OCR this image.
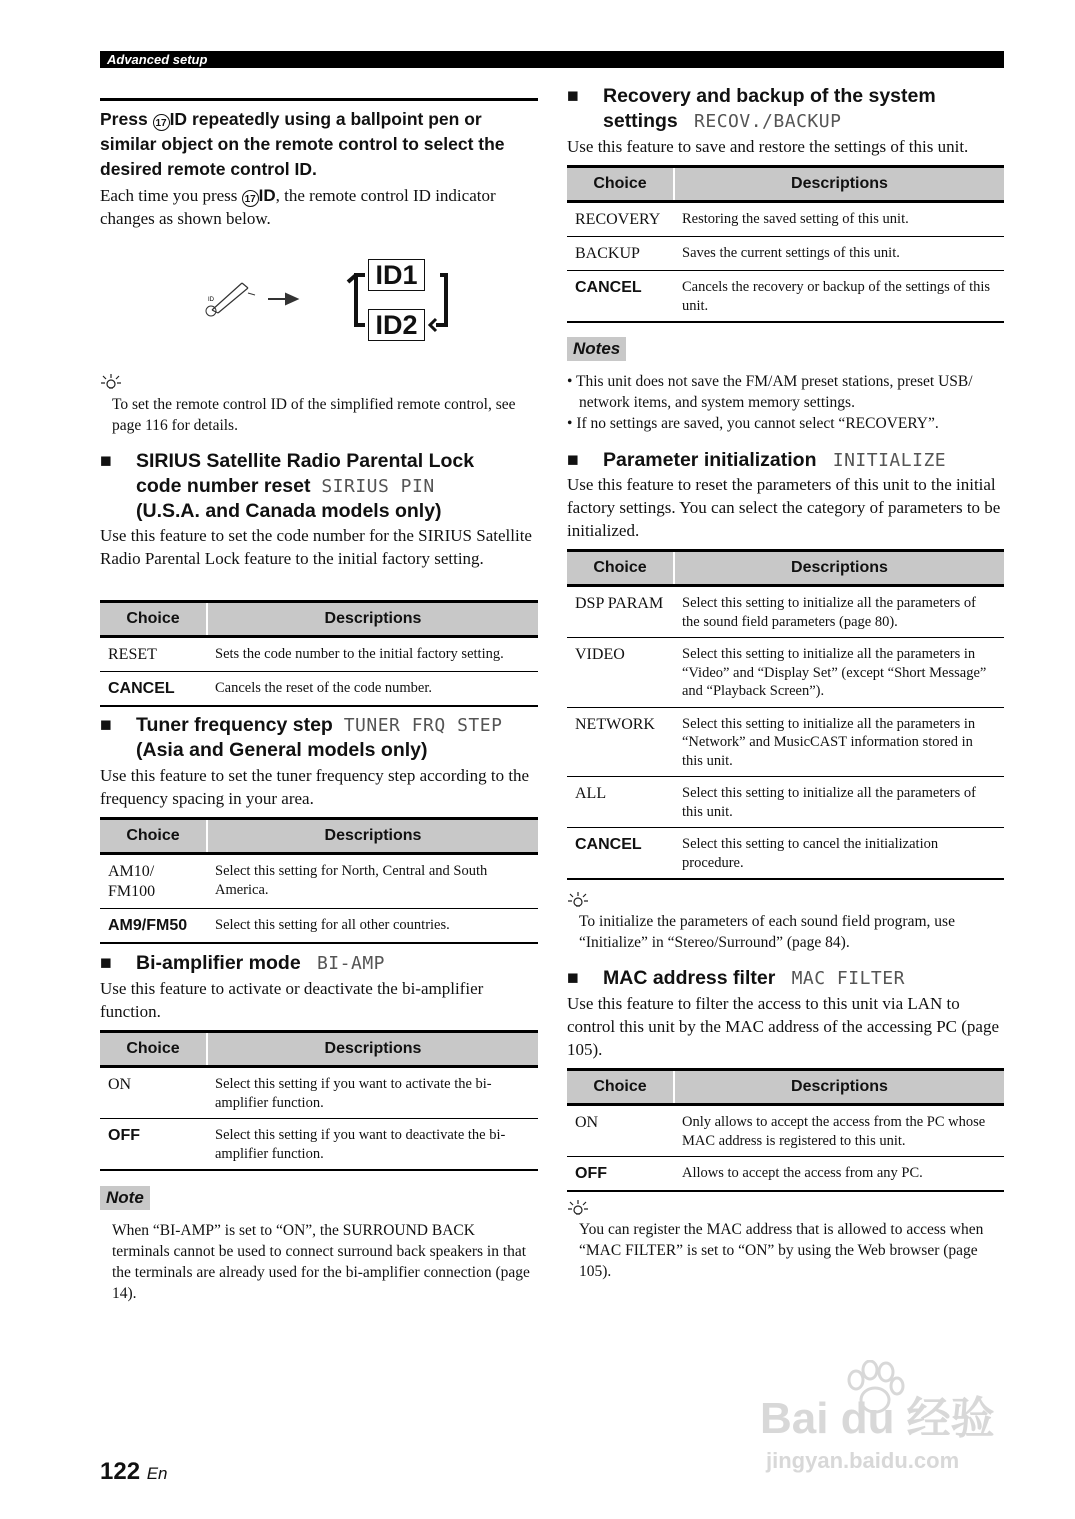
Advanced setup
Press 17 ID repeatedly using a ballpoint pen or similar object on the remote control to select the desired remote control ID.
Each time you press 17 ID, the remote control ID indicator changes as shown below.
ID
ID1
ID2
To set the remote control ID of the simplified remote control, see page 116 for details.
■ SIRIUS Satellite Radio Parental Lock
code number reset SIRIUS PIN
(U.S.A. and Canada models only)
Use this feature to set the code number for the SIRIUS Satellite Radio Parental Lock feature to the initial factory setting.
Choice	Descriptions
RESET	Sets the code number to the initial factory setting.
CANCEL	Cancels the reset of the code number.
■ Tuner frequency step TUNER FRQ STEP
(Asia and General models only)
Use this feature to set the tuner frequency step according to the frequency spacing in your area.
Choice	Descriptions
AM10/ FM100	Select this setting for North, Central and South America.
AM9/FM50	Select this setting for all other countries.
■ Bi-amplifier mode BI-AMP
Use this feature to activate or deactivate the bi-amplifier function.
Choice	Descriptions
ON	Select this setting if you want to activate the bi-amplifier function.
OFF	Select this setting if you want to deactivate the bi-amplifier function.
Note
When “BI-AMP” is set to “ON”, the SURROUND BACK terminals cannot be used to connect surround back speakers in that the terminals are already used for the bi-amplifier connection (page 14).
■ Recovery and backup of the system
settings RECOV./BACKUP
Use this feature to save and restore the settings of this unit.
Choice	Descriptions
RECOVERY	Restoring the saved setting of this unit.
BACKUP	Saves the current settings of this unit.
CANCEL	Cancels the recovery or backup of the settings of this unit.
Notes
• This unit does not save the FM/AM preset stations, preset USB/ network items, and system memory settings.
• If no settings are saved, you cannot select “RECOVERY”.
■ Parameter initialization INITIALIZE
Use this feature to reset the parameters of this unit to the initial factory settings. You can select the category of parameters to be initialized.
Choice	Descriptions
DSP PARAM	Select this setting to initialize all the parameters of the sound field parameters (page 80).
VIDEO	Select this setting to initialize all the parameters in “Video” and “Display Set” (except “Short Message” and “Playback Screen”).
NETWORK	Select this setting to initialize all the parameters in “Network” and MusicCAST information stored in this unit.
ALL	Select this setting to initialize all the parameters of this unit.
CANCEL	Select this setting to cancel the initialization procedure.
To initialize the parameters of each sound field program, use “Initialize” in “Stereo/Surround” (page 84).
■ MAC address filter MAC FILTER
Use this feature to filter the access to this unit via LAN to control this unit by the MAC address of the accessing PC (page 105).
Choice	Descriptions
ON	Only allows to accept the access from the PC whose MAC address is registered to this unit.
OFF	Allows to accept the access from any PC.
You can register the MAC address that is allowed to access when “MAC FILTER” is set to “ON” by using the Web browser (page 105).
122 En
Bai du 经验
jingyan.baidu.com
